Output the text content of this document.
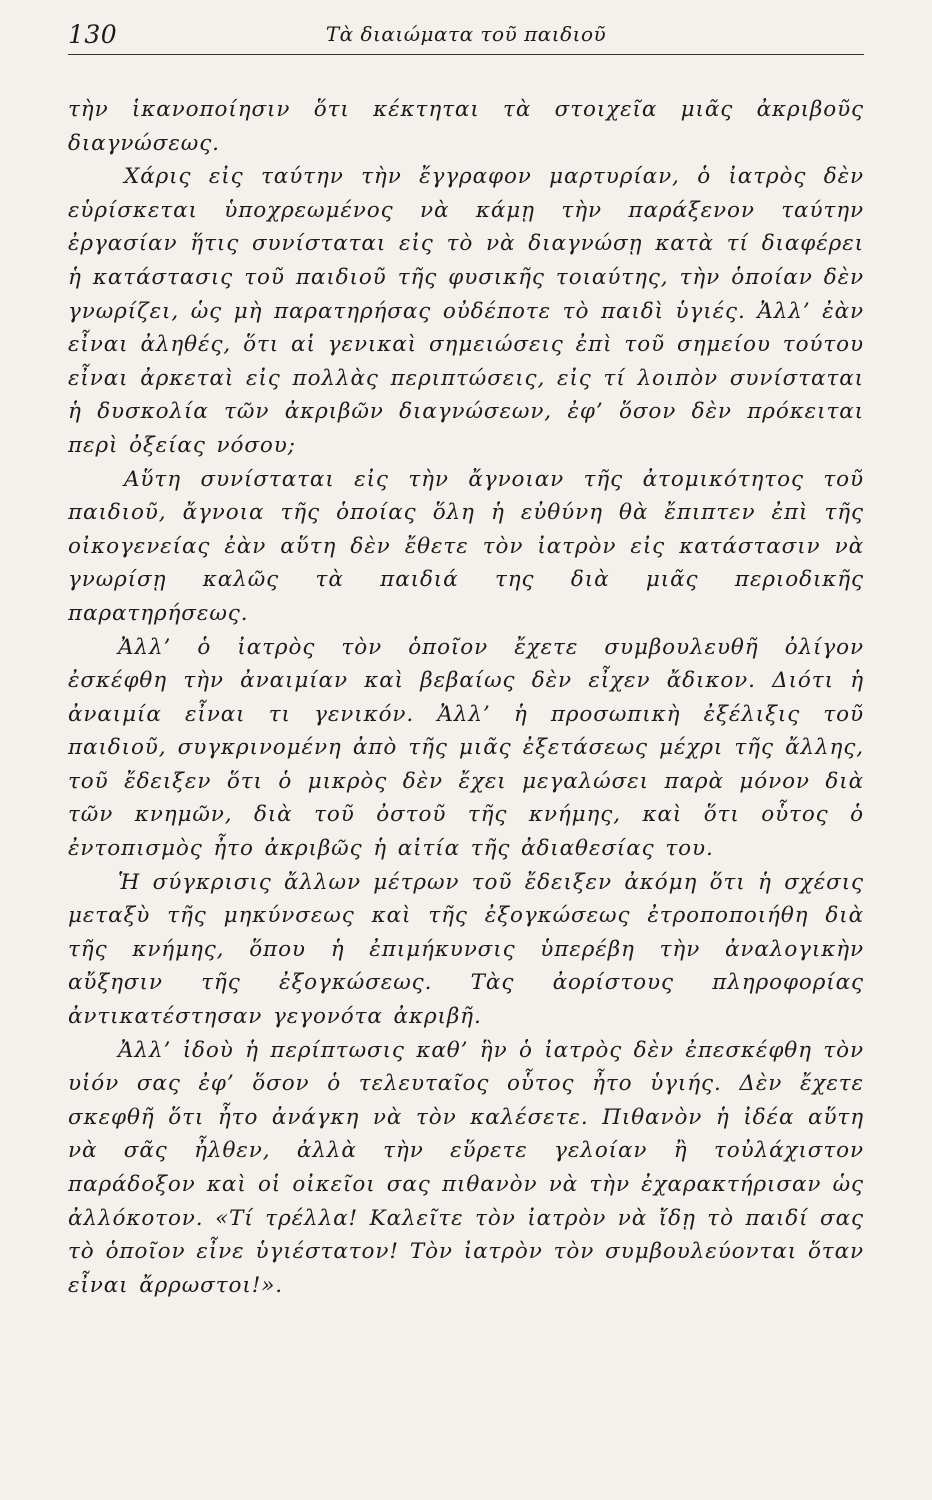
130	Τὰ διαιώματα τοῦ παιδιοῦ

τὴν ἱκανοποίησιν ὅτι κέκτηται τὰ στοιχεῖα μιᾶς ἀκριβοῦς διαγνώσεως.

Χάρις εἰς ταύτην τὴν ἔγγραφον μαρτυρίαν, ὁ ἰατρὸς δὲν εὑρίσκεται ὑποχρεωμένος νὰ κάμῃ τὴν παράξενον ταύτην ἐργασίαν ἥτις συνίσταται εἰς τὸ νὰ διαγνώσῃ κατὰ τί διαφέρει ἡ κατάστασις τοῦ παιδιοῦ τῆς φυσικῆς τοιαύτης, τὴν ὁποίαν δὲν γνωρίζει, ὡς μὴ παρατηρήσας οὐδέποτε τὸ παιδὶ ὑγιές. Ἀλλ’ ἐὰν εἶναι ἀληθές, ὅτι αἱ γενικαὶ σημειώσεις ἐπὶ τοῦ σημείου τούτου εἶναι ἀρκεταὶ εἰς πολλὰς περιπτώσεις, εἰς τί λοιπὸν συνίσταται ἡ δυσκολία τῶν ἀκριβῶν διαγνώσεων, ἐφ’ ὅσον δὲν πρόκειται περὶ ὀξείας νόσου;

Αὕτη συνίσταται εἰς τὴν ἄγνοιαν τῆς ἀτομικότητος τοῦ παιδιοῦ, ἄγνοια τῆς ὁποίας ὅλη ἡ εὐθύνη θὰ ἔπιπτεν ἐπὶ τῆς οἰκογενείας ἐὰν αὕτη δὲν ἔθετε τὸν ἰατρὸν εἰς κατάστασιν νὰ γνωρίσῃ καλῶς τὰ παιδιά της διὰ μιᾶς περιοδικῆς παρατηρήσεως.

Ἀλλ’ ὁ ἰατρὸς τὸν ὁποῖον ἔχετε συμβουλευθῆ ὀλίγον ἐσκέφθη τὴν ἀναιμίαν καὶ βεβαίως δὲν εἶχεν ἄδικον. Διότι ἡ ἀναιμία εἶναι τι γενικόν. Ἀλλ’ ἡ προσωπικὴ ἐξέλιξις τοῦ παιδιοῦ, συγκρινομένη ἀπὸ τῆς μιᾶς ἐξετάσεως μέχρι τῆς ἄλλης, τοῦ ἔδειξεν ὅτι ὁ μικρὸς δὲν ἔχει μεγαλώσει παρὰ μόνον διὰ τῶν κνημῶν, διὰ τοῦ ὀστοῦ τῆς κνήμης, καὶ ὅτι οὗτος ὁ ἐντοπισμὸς ἦτο ἀκριβῶς ἡ αἰτία τῆς ἀδιαθεσίας του.

Ἡ σύγκρισις ἄλλων μέτρων τοῦ ἔδειξεν ἀκόμη ὅτι ἡ σχέσις μεταξὺ τῆς μηκύνσεως καὶ τῆς ἐξογκώσεως ἐτροποποιήθη διὰ τῆς κνήμης, ὅπου ἡ ἐπιμήκυνσις ὑπερέβη τὴν ἀναλογικὴν αὔξησιν τῆς ἐξογκώσεως. Τὰς ἀορίστους πληροφορίας ἀντικατέστησαν γεγονότα ἀκριβῆ.

Ἀλλ’ ἰδοὺ ἡ περίπτωσις καθ’ ἣν ὁ ἰατρὸς δὲν ἐπεσκέφθη τὸν υἱόν σας ἐφ’ ὅσον ὁ τελευταῖος οὗτος ἦτο ὑγιής. Δὲν ἔχετε σκεφθῆ ὅτι ἦτο ἀνάγκη νὰ τὸν καλέσετε. Πιθανὸν ἡ ἰδέα αὕτη νὰ σᾶς ἦλθεν, ἀλλὰ τὴν εὕρετε γελοίαν ἢ τοὐλάχιστον παράδοξον καὶ οἱ οἰκεῖοι σας πιθανὸν νὰ τὴν ἐχαρακτήρισαν ὡς ἀλλόκοτον. «Τί τρέλλα! Καλεῖτε τὸν ἰατρὸν νὰ ἴδῃ τὸ παιδί σας τὸ ὁποῖον εἶνε ὑγιέστατον! Τὸν ἰατρὸν τὸν συμβουλεύονται ὅταν εἶναι ἄρρωστοι!».
